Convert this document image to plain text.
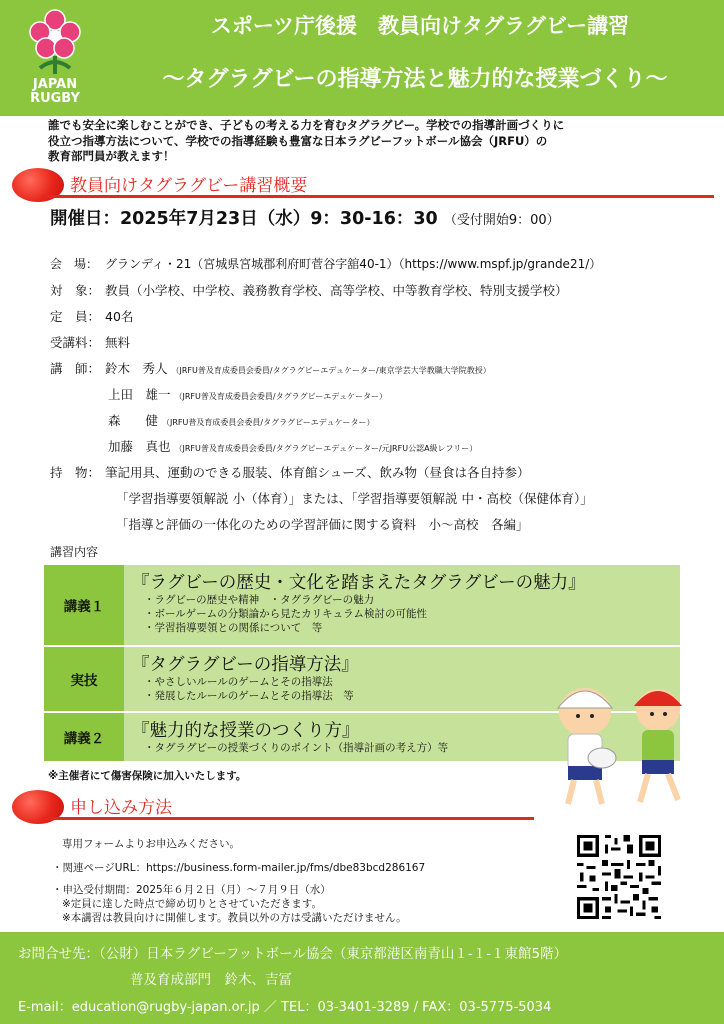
JAPAN
RUGBY
スポーツ庁後援　教員向けタグラグビー講習
～タグラグビーの指導方法と魅力的な授業づくり～
誰でも安全に楽しむことができ、子どもの考える力を育むタグラグビー。学校での指導計画づくりに
役立つ指導方法について、学校での指導経験も豊富な日本ラグビーフットボール協会（JRFU）の
教育部門員が教えます！
教員向けタグラグビー講習概要
開催日：2025年7月23日（水）9：30-16：30 （受付開始9：00）
会　場： グランディ・21（宮城県宮城郡利府町菅谷字舘40-1）（https://www.mspf.jp/grande21/）
対　象： 教員（小学校、中学校、義務教育学校、高等学校、中等教育学校、特別支援学校）
定　員： 40名
受講料： 無料
講　師： 鈴木　秀人 （JRFU普及育成委員会委員/タグラグビーエデュケーター/東京学芸大学教職大学院教授）
上田　雄一 （JRFU普及育成委員会委員/タグラグビーエデュケーター）
森　　健 （JRFU普及育成委員会委員/タグラグビーエデュケーター）
加藤　真也 （JRFU普及育成委員会委員/タグラグビーエデュケーター/元JRFU公認A級レフリー）
持　物： 筆記用具、運動のできる服装、体育館シューズ、飲み物（昼食は各自持参）
「学習指導要領解説 小（体育）」または、「学習指導要領解説 中・高校（保健体育）」
「指導と評価の一体化のための学習評価に関する資料　小～高校　各編」
講習内容
講義１
実技
講義２
『ラグビーの歴史・文化を踏まえたタグラグビーの魅力』
・ラグビーの歴史や精神　・タグラグビーの魅力
・ボールゲームの分類論から見たカリキュラム検討の可能性
・学習指導要領との関係について　等
『タグラグビーの指導方法』
・やさしいルールのゲームとその指導法
・発展したルールのゲームとその指導法　等
『魅力的な授業のつくり方』
・タグラグビーの授業づくりのポイント（指導計画の考え方）等
※主催者にて傷害保険に加入いたします。
申し込み方法
専用フォームよりお申込みください。
・関連ページURL：https://business.form-mailer.jp/fms/dbe83bcd286167
・申込受付期間：2025年６月２日（月）～７月９日（水）
※定員に達した時点で締め切りとさせていただきます。
※本講習は教員向けに開催します。教員以外の方は受講いただけません。
お問合せ先：（公財）日本ラグビーフットボール協会（東京都港区南青山１-１-１東館5階）
普及育成部門　鈴木、吉冨
E-mail：education@rugby-japan.or.jp ／ TEL：03-3401-3289 / FAX：03-5775-5034
